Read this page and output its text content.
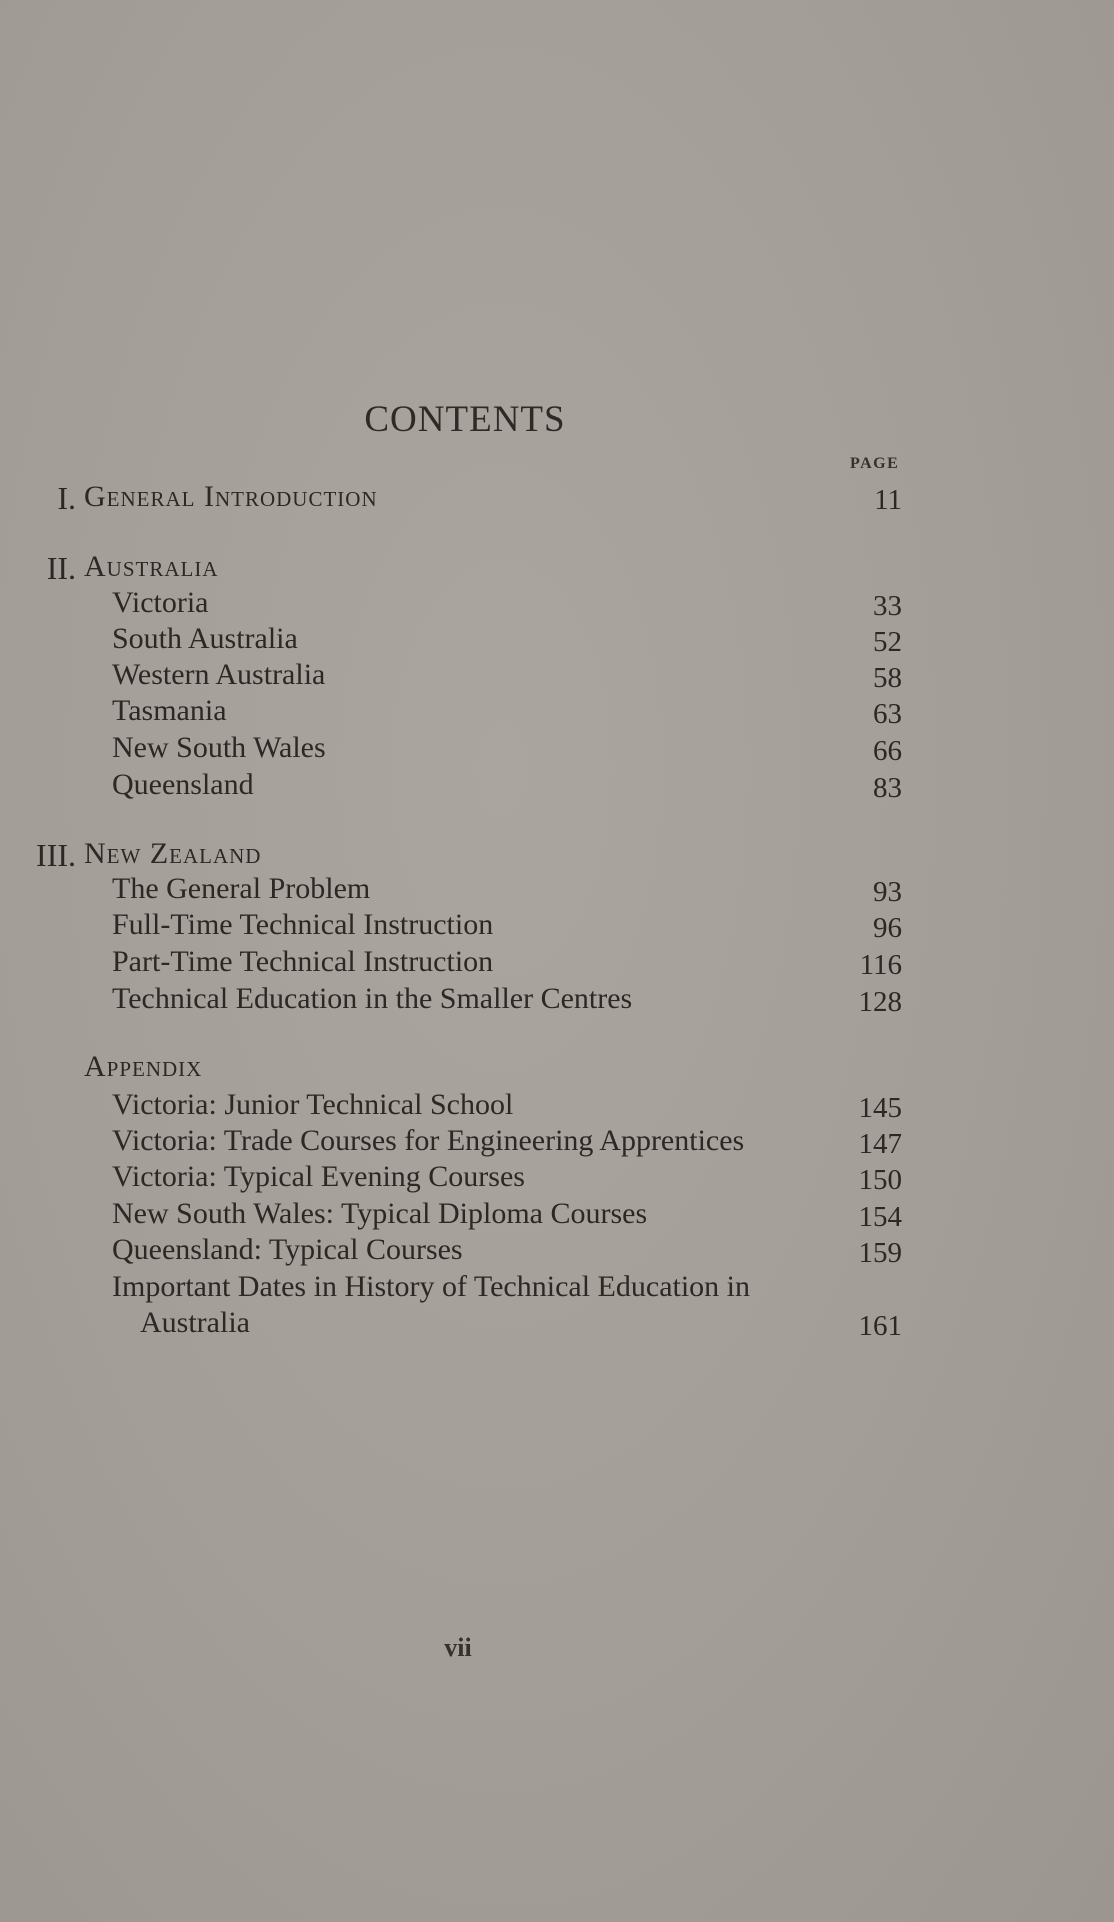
CONTENTS
PAGE
I. General Introduction	11
II. Australia
Victoria	33
South Australia	52
Western Australia	58
Tasmania	63
New South Wales	66
Queensland	83
III. New Zealand
The General Problem	93
Full-Time Technical Instruction	96
Part-Time Technical Instruction	116
Technical Education in the Smaller Centres	128
Appendix
Victoria: Junior Technical School	145
Victoria: Trade Courses for Engineering Apprentices	147
Victoria: Typical Evening Courses	150
New South Wales: Typical Diploma Courses	154
Queensland: Typical Courses	159
Important Dates in History of Technical Education in
Australia	161
vii
